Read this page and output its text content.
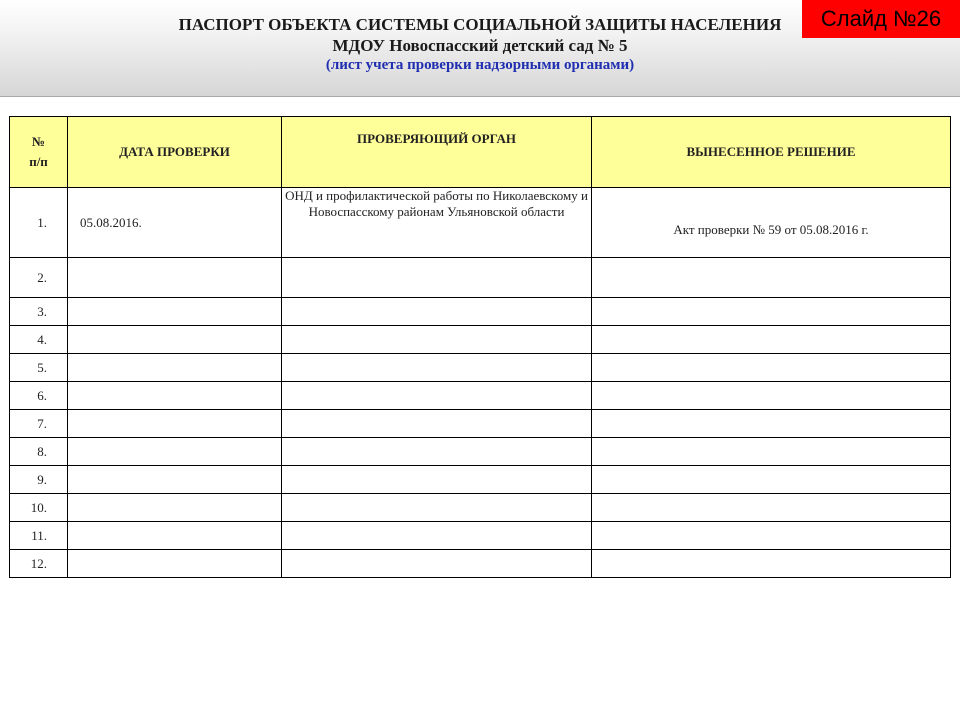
ПАСПОРТ ОБЪЕКТА СИСТЕМЫ СОЦИАЛЬНОЙ ЗАЩИТЫ НАСЕЛЕНИЯ
МДОУ Новоспасский детский сад № 5
(лист учета проверки надзорными органами)
Слайд №26
№
п/п	ДАТА ПРОВЕРКИ	ПРОВЕРЯЮЩИЙ ОРГАН	ВЫНЕСЕННОЕ РЕШЕНИЕ
1.	05.08.2016.	ОНД и профилактической работы по Николаевскому и Новоспасскому районам Ульяновской области	Акт проверки № 59 от 05.08.2016 г.
2.			
3.			
4.			
5.			
6.			
7.			
8.			
9.			
10.			
11.			
12.			
